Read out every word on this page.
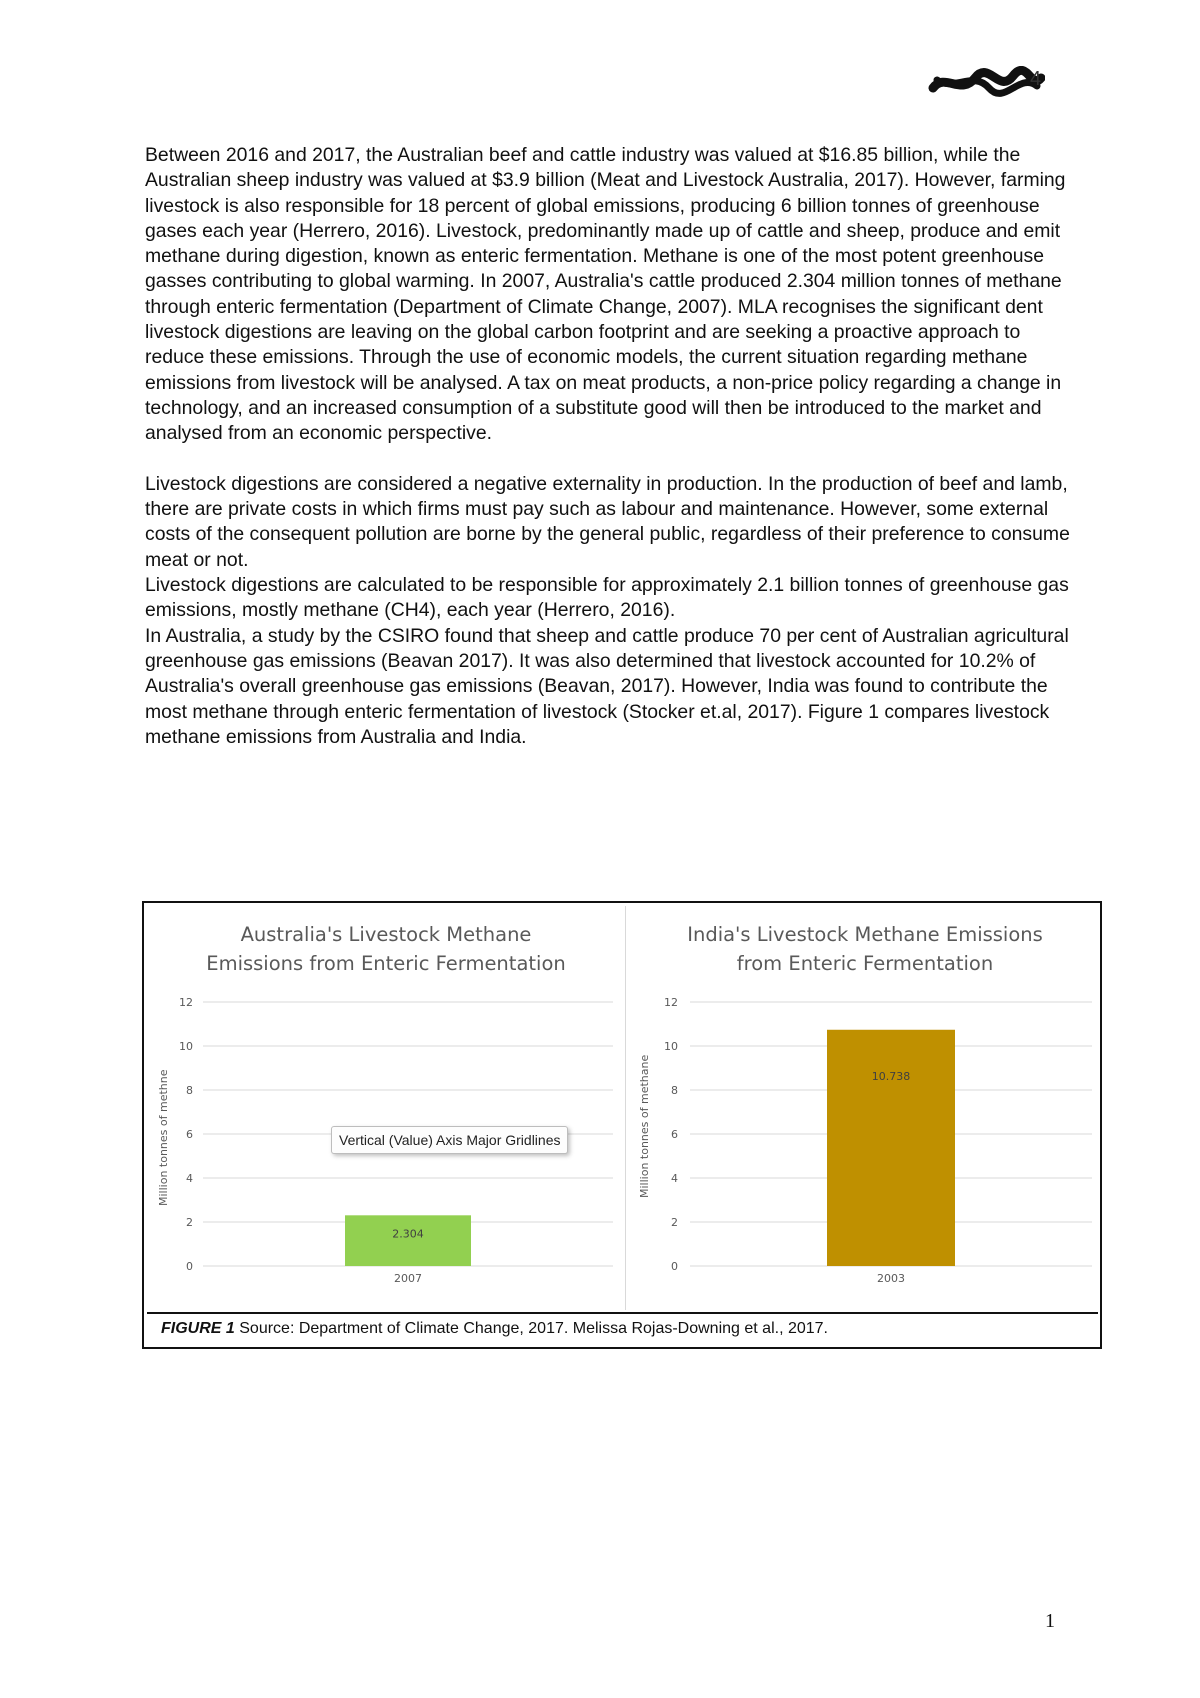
4

Between 2016 and 2017, the Australian beef and cattle industry was valued at $16.85 billion, while the Australian sheep industry was valued at $3.9 billion (Meat and Livestock Australia, 2017). However, farming livestock is also responsible for 18 percent of global emissions, producing 6 billion tonnes of greenhouse gases each year (Herrero, 2016). Livestock, predominantly made up of cattle and sheep, produce and emit methane during digestion, known as enteric fermentation. Methane is one of the most potent greenhouse gasses contributing to global warming. In 2007, Australia's cattle produced 2.304 million tonnes of methane through enteric fermentation (Department of Climate Change, 2007). MLA recognises the significant dent livestock digestions are leaving on the global carbon footprint and are seeking a proactive approach to reduce these emissions. Through the use of economic models, the current situation regarding methane emissions from livestock will be analysed. A tax on meat products, a non-price policy regarding a change in technology, and an increased consumption of a substitute good will then be introduced to the market and analysed from an economic perspective.

Livestock digestions are considered a negative externality in production. In the production of beef and lamb, there are private costs in which firms must pay such as labour and maintenance. However, some external costs of the consequent pollution are borne by the general public, regardless of their preference to consume meat or not.

Livestock digestions are calculated to be responsible for approximately 2.1 billion tonnes of greenhouse gas emissions, mostly methane (CH4), each year (Herrero, 2016).

In Australia, a study by the CSIRO found that sheep and cattle produce 70 per cent of Australian agricultural greenhouse gas emissions (Beavan 2017). It was also determined that livestock accounted for 10.2% of Australia's overall greenhouse gas emissions (Beavan, 2017). However, India was found to contribute the most methane through enteric fermentation of livestock (Stocker et.al, 2017). Figure 1 compares livestock methane emissions from Australia and India.

Australia's Livestock Methane
Emissions from Enteric Fermentation
Million tonnes of methne
0
2
4
6
8
10
12
2.304
2007
Vertical (Value) Axis Major Gridlines
India's Livestock Methane Emissions
from Enteric Fermentation
Million tonnes of methane
0
2
4
6
8
10
12
10.738
2003
FIGURE 1 Source: Department of Climate Change, 2017. Melissa Rojas-Downing et al., 2017.
1
